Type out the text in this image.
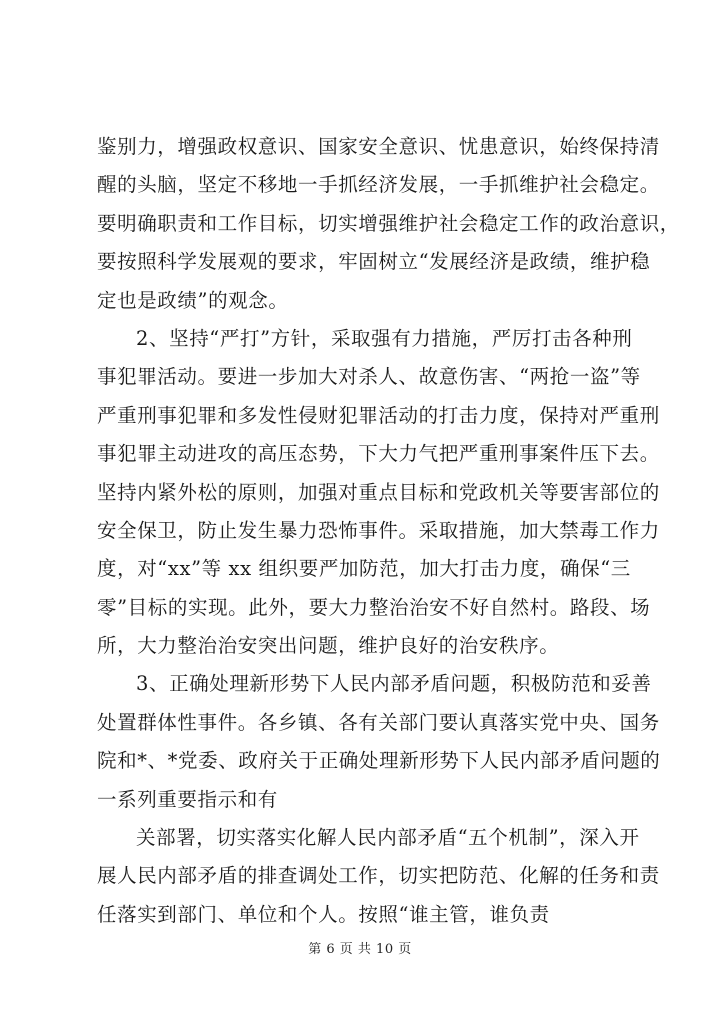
鉴别力，增强政权意识、国家安全意识、忧患意识，始终保持清
醒的头脑，坚定不移地一手抓经济发展，一手抓维护社会稳定。
要明确职责和工作目标，切实增强维护社会稳定工作的政治意识，
要按照科学发展观的要求，牢固树立“发展经济是政绩，维护稳
定也是政绩”的观念。
2、坚持“严打”方针，采取强有力措施，严厉打击各种刑
事犯罪活动。要进一步加大对杀人、故意伤害、“两抢一盗”等
严重刑事犯罪和多发性侵财犯罪活动的打击力度，保持对严重刑
事犯罪主动进攻的高压态势，下大力气把严重刑事案件压下去。
坚持内紧外松的原则，加强对重点目标和党政机关等要害部位的
安全保卫，防止发生暴力恐怖事件。采取措施，加大禁毒工作力
度，对“xx”等 xx 组织要严加防范，加大打击力度，确保“三
零”目标的实现。此外，要大力整治治安不好自然村。路段、场
所，大力整治治安突出问题，维护良好的治安秩序。
3、正确处理新形势下人民内部矛盾问题，积极防范和妥善
处置群体性事件。各乡镇、各有关部门要认真落实党中央、国务
院和*、*党委、政府关于正确处理新形势下人民内部矛盾问题的
一系列重要指示和有
关部署，切实落实化解人民内部矛盾“五个机制”，深入开
展人民内部矛盾的排查调处工作，切实把防范、化解的任务和责
任落实到部门、单位和个人。按照“谁主管，谁负责
第 6 页 共 10 页
